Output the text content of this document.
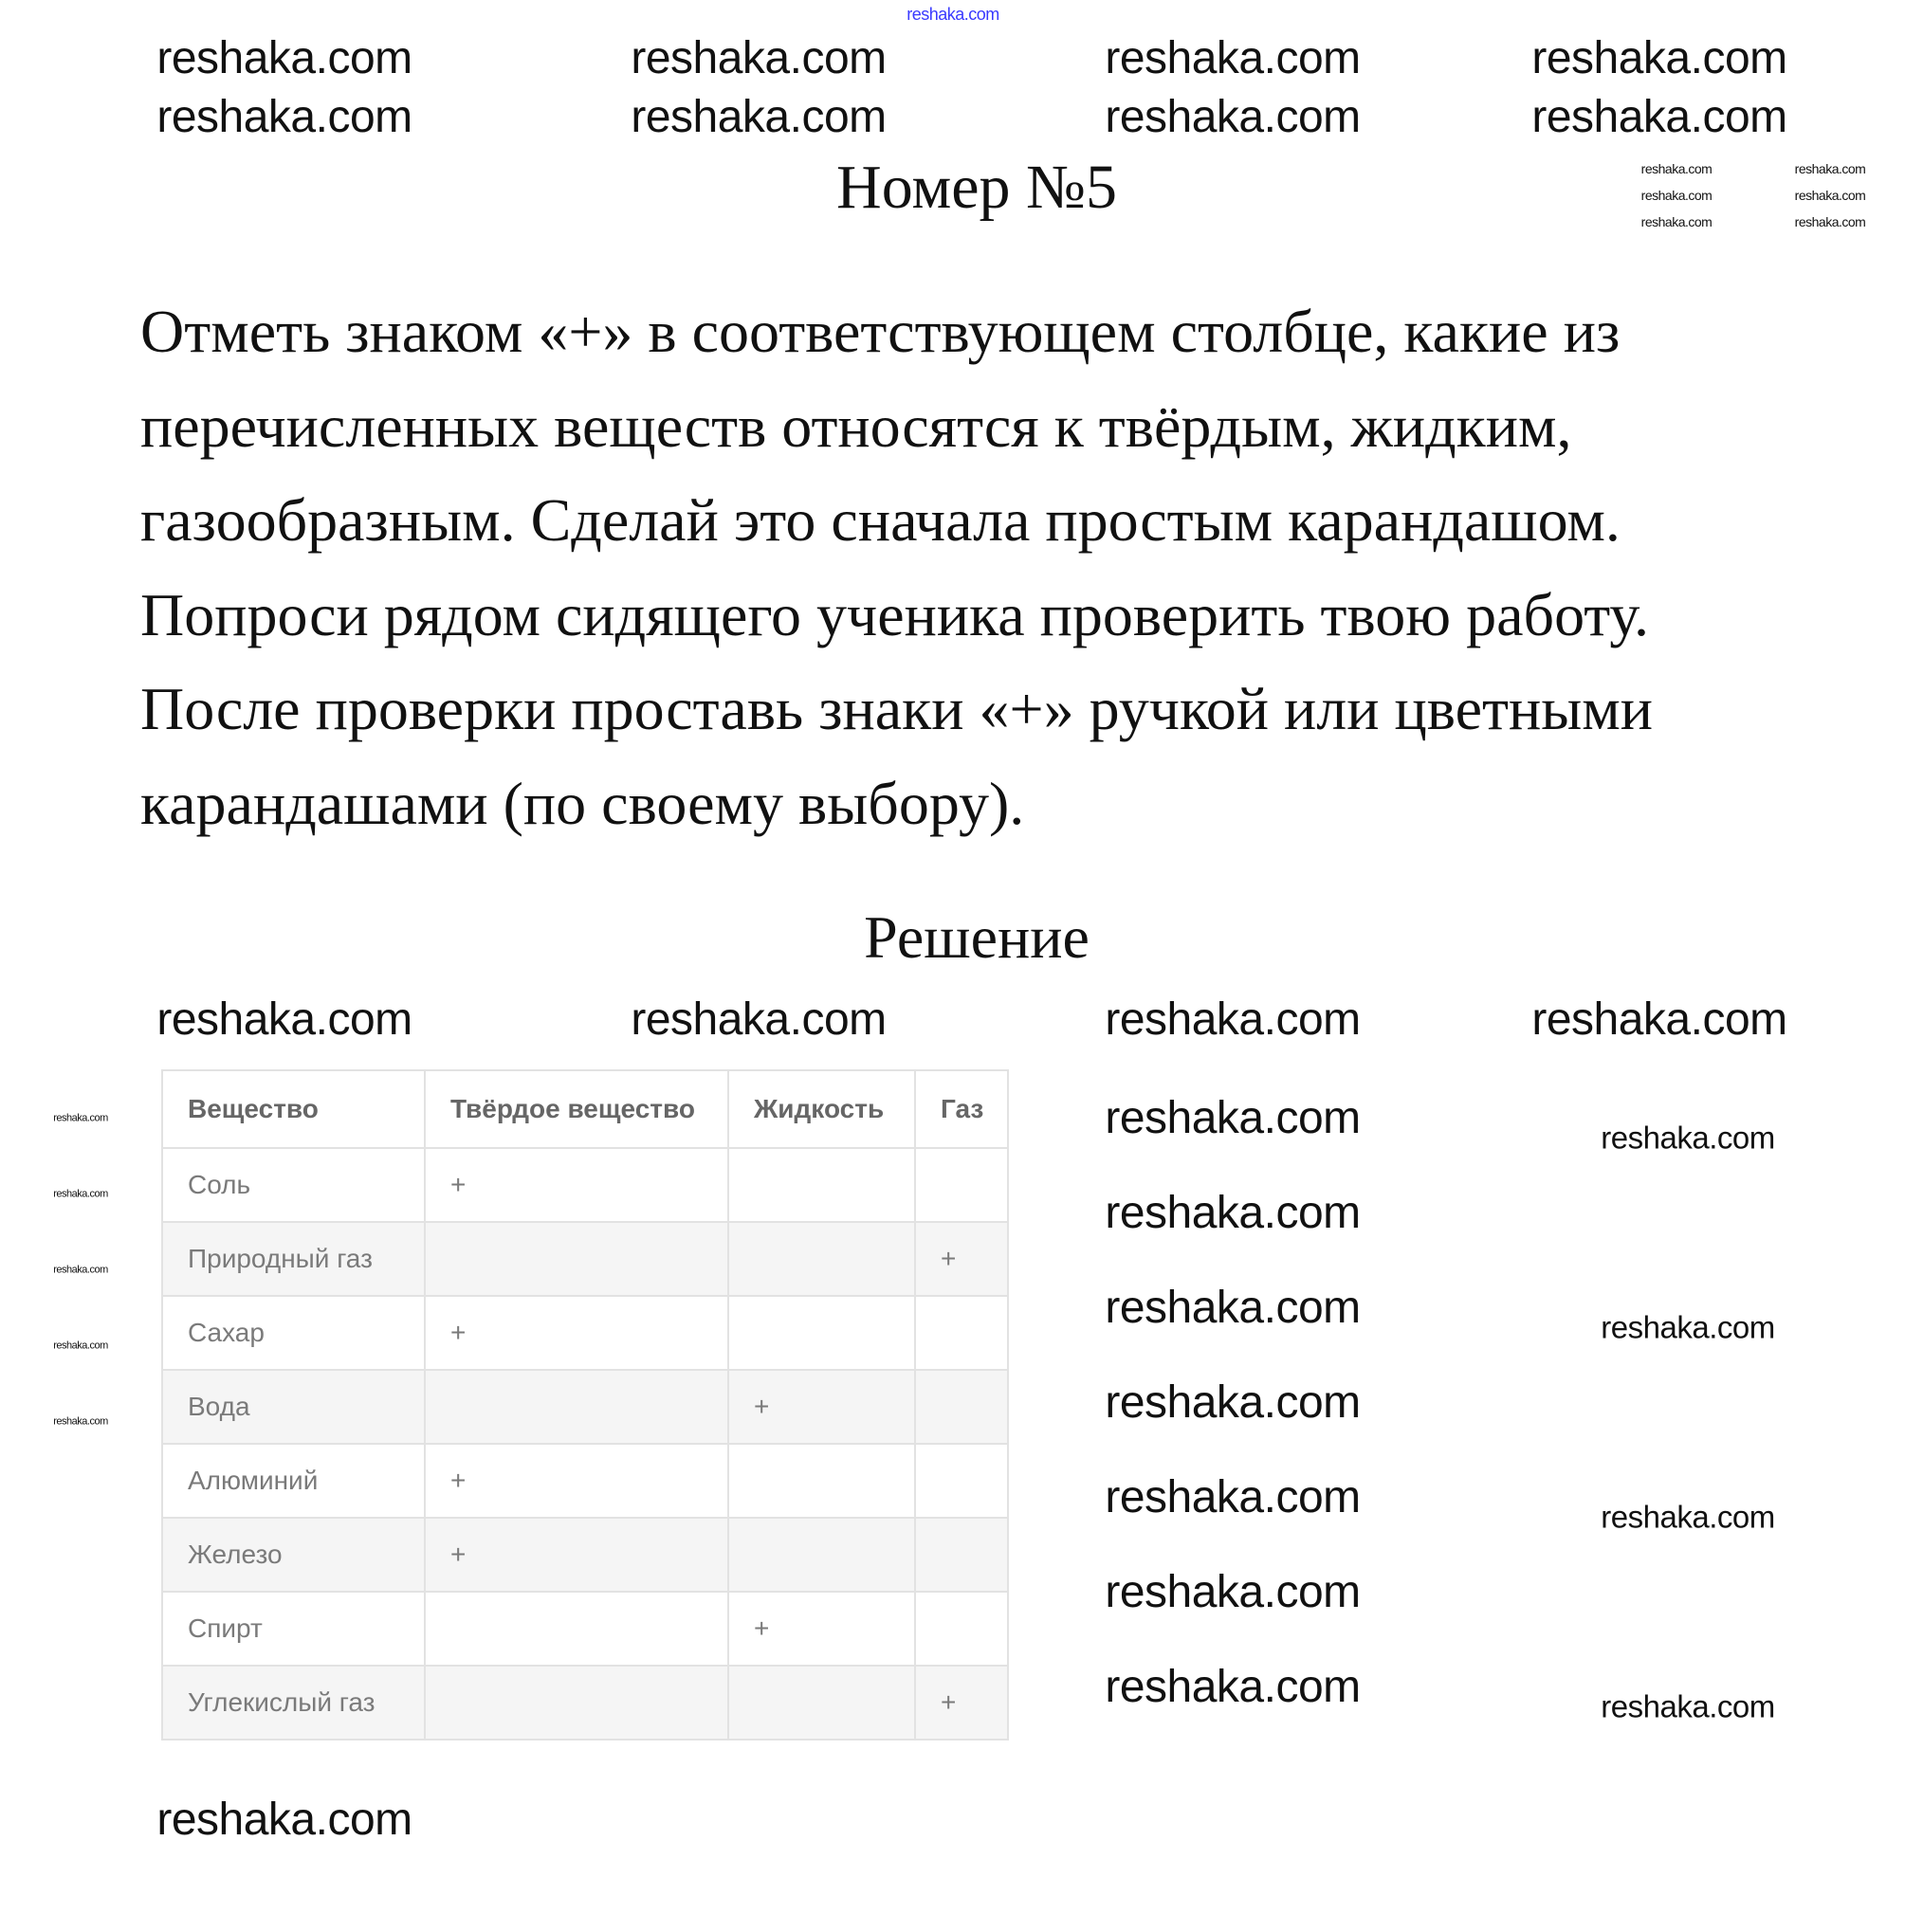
Номер №5
Отметь знаком «+» в соответствующем столбце, какие из
перечисленных веществ относятся к твёрдым, жидким,
газообразным. Сделай это сначала простым карандашом.
Попроси рядом сидящего ученика проверить твою работу.
После проверки проставь знаки «+» ручкой или цветными
карандашами (по своему выбору).
Решение
Вещество	Твёрдое вещество	Жидкость	Газ
Соль	+		
Природный газ			+
Сахар	+		
Вода		+	
Алюминий	+		
Железо	+		
Спирт		+	
Углекислый газ			+
reshaka.com
reshaka.com
reshaka.com
reshaka.com
reshaka.com
reshaka.com
reshaka.com
reshaka.com	reshaka.com	reshaka.com	reshaka.com
reshaka.com	reshaka.com	reshaka.com	reshaka.com
reshaka.com	reshaka.com	reshaka.com	reshaka.com
reshaka.com
reshaka.com
reshaka.com
reshaka.com
reshaka.com
reshaka.com
reshaka.com
reshaka.com
reshaka.com
reshaka.com
reshaka.com
reshaka.com
reshaka.com
reshaka.com
reshaka.com
reshaka.com
reshaka.com
